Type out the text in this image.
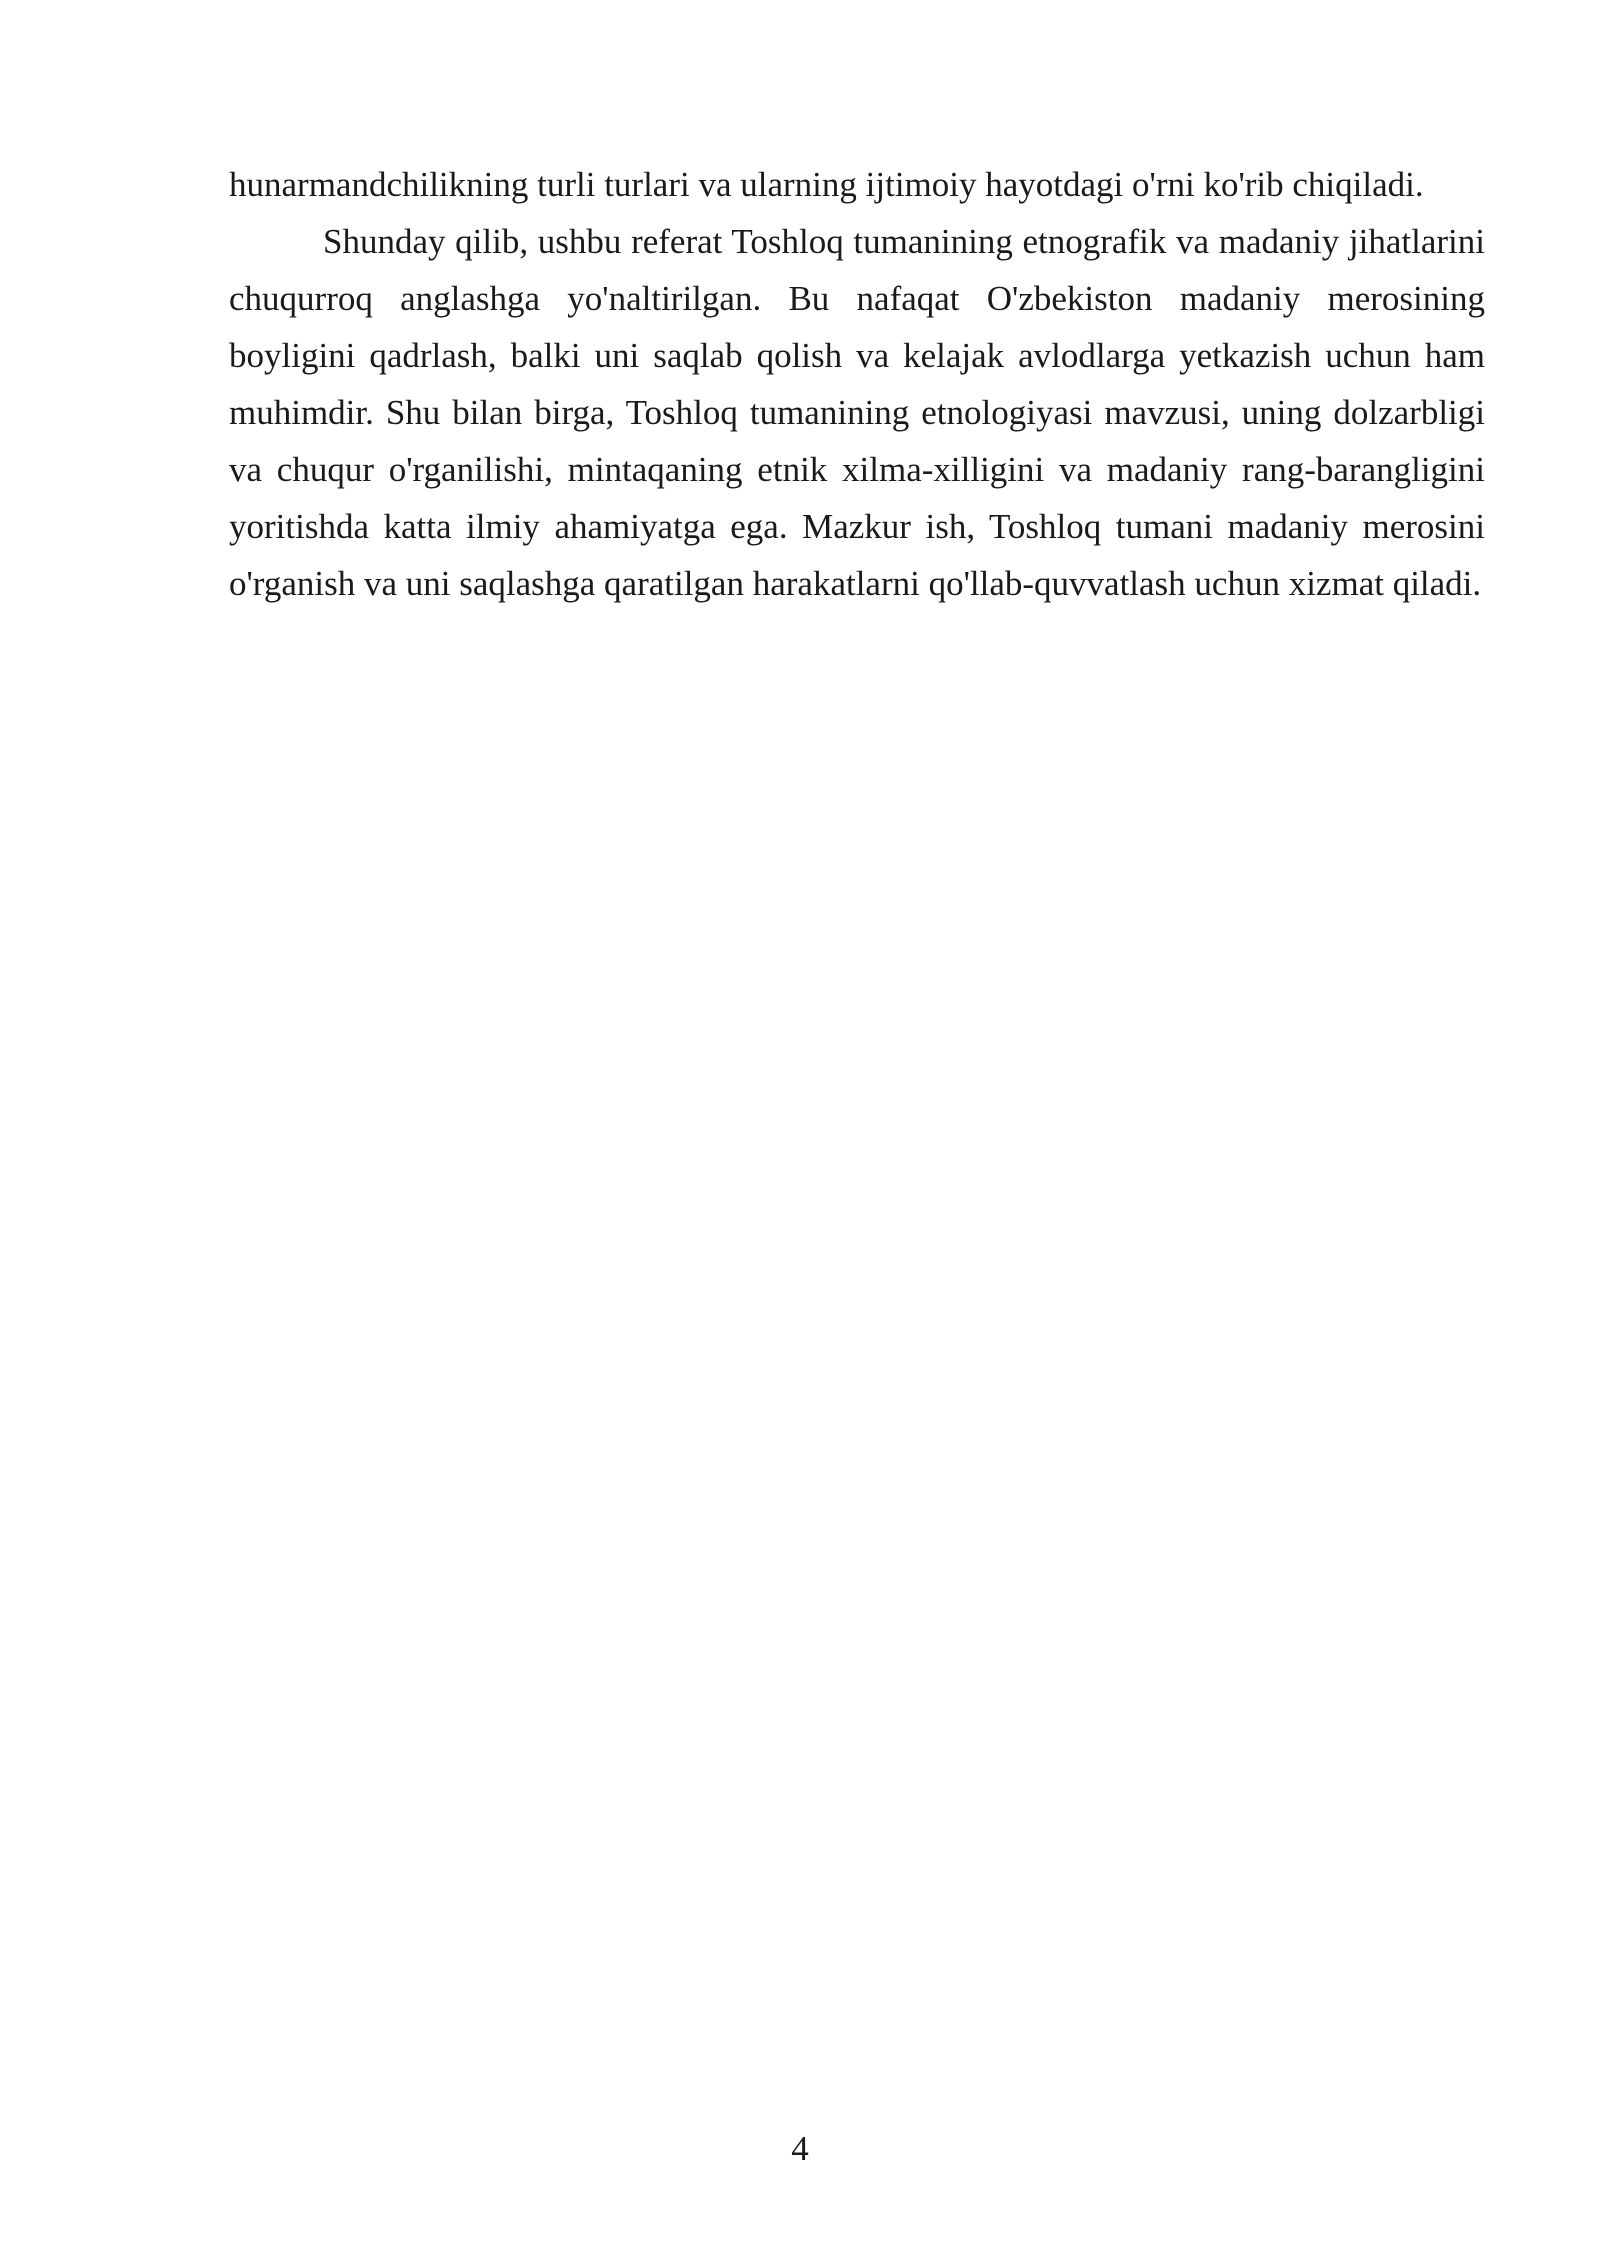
hunarmandchilikning turli turlari va ularning ijtimoiy hayotdagi o'rni ko'rib chiqiladi.

Shunday qilib, ushbu referat Toshloq tumanining etnografik va madaniy jihatlarini chuqurroq anglashga yo'naltirilgan. Bu nafaqat O'zbekiston madaniy merosining boyligini qadrlash, balki uni saqlab qolish va kelajak avlodlarga yetkazish uchun ham muhimdir. Shu bilan birga, Toshloq tumanining etnologiyasi mavzusi, uning dolzarbligi va chuqur o'rganilishi, mintaqaning etnik xilma-xilligini va madaniy rang-barangligini yoritishda katta ilmiy ahamiyatga ega. Mazkur ish, Toshloq tumani madaniy merosini o'rganish va uni saqlashga qaratilgan harakatlarni qo'llab-quvvatlash uchun xizmat qiladi.

4
